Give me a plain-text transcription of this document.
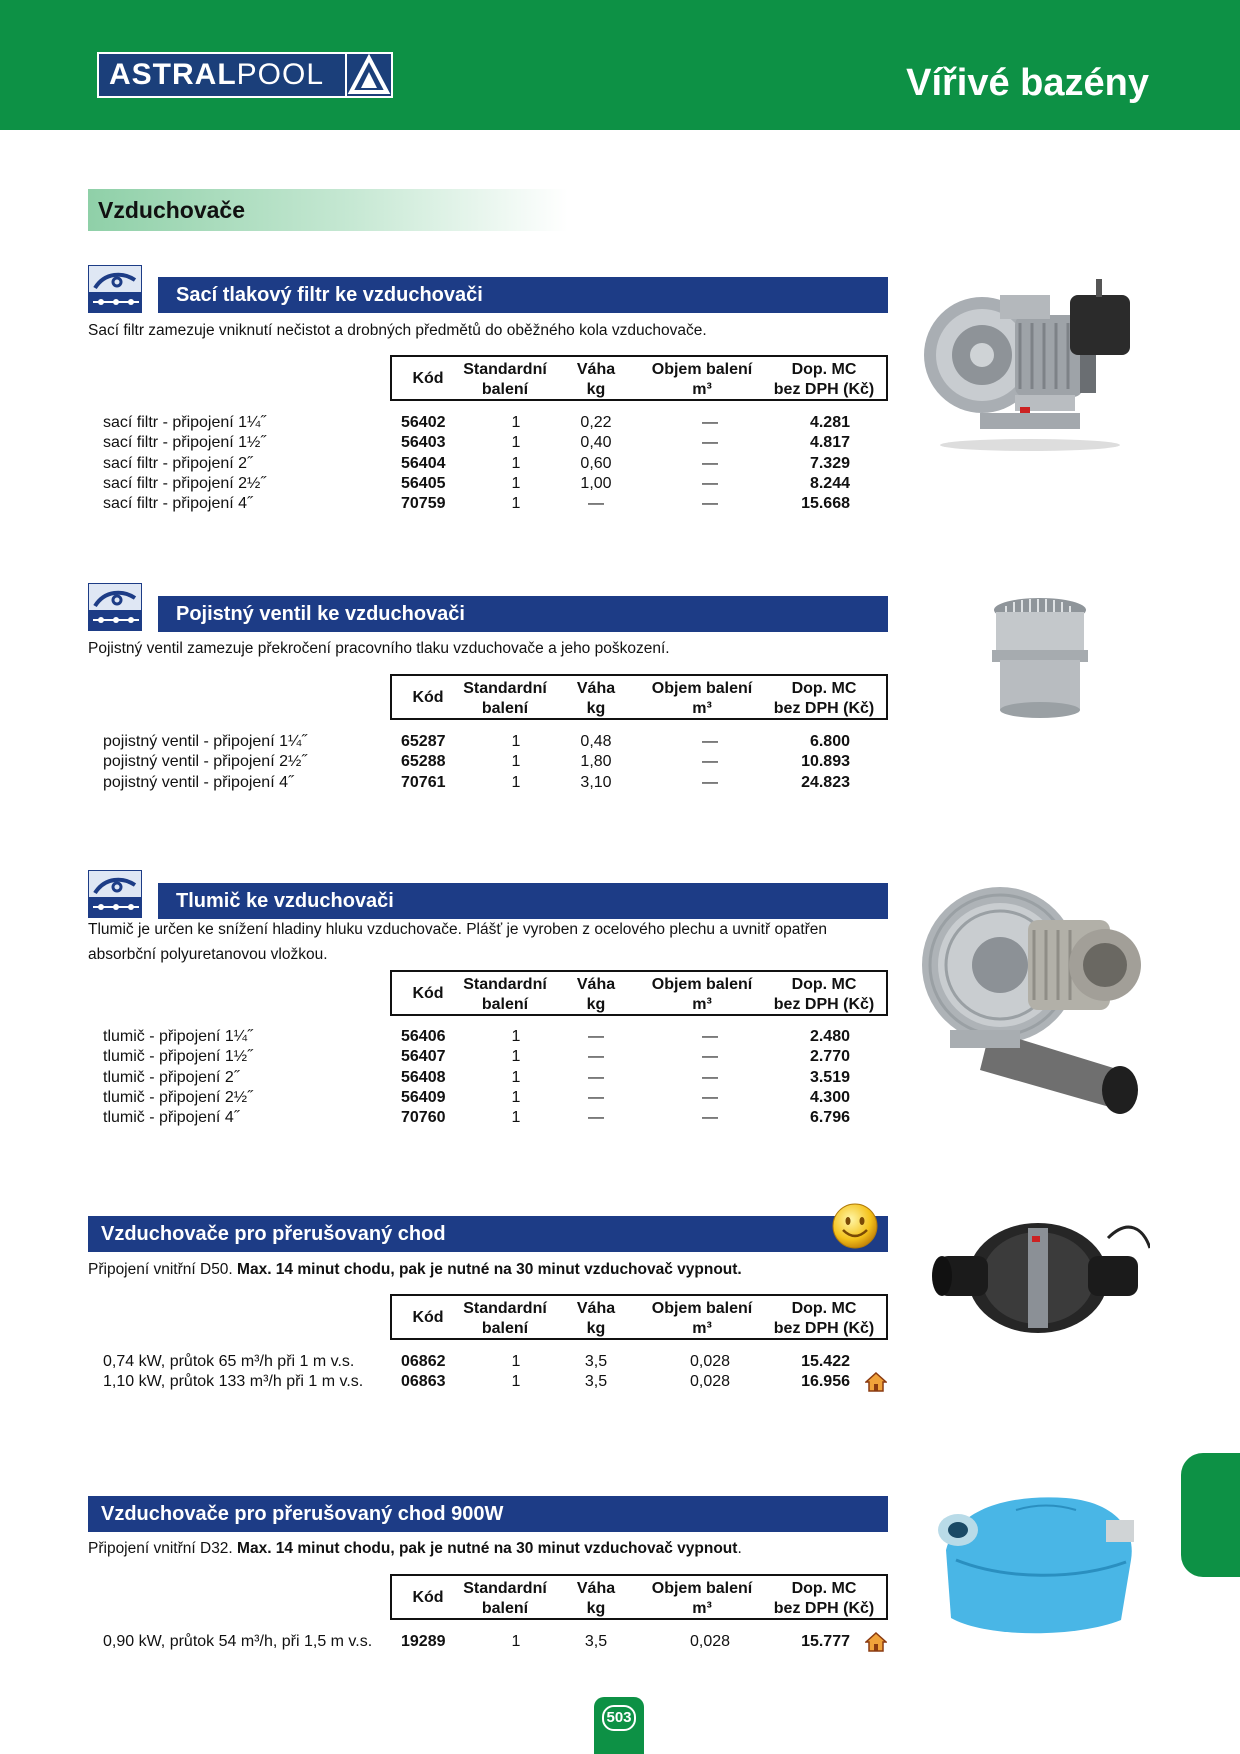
ASTRALPOOL	Vířivé bazény
Vzduchovače
Sací tlakový filtr ke vzduchovači
Sací filtr zamezuje vniknutí nečistot a drobných předmětů do oběžného kola vzduchovače.
Kód
Standardní
balení
Váha
kg
Objem balení
m³
Dop. MC
bez DPH (Kč)
sací filtr - připojení 1¼˝	56402	1	0,22	—	4.281
sací filtr - připojení 1½˝	56403	1	0,40	—	4.817
sací filtr - připojení 2˝	56404	1	0,60	—	7.329
sací filtr - připojení 2½˝	56405	1	1,00	—	8.244
sací filtr - připojení 4˝	70759	1	—	—	15.668
Pojistný ventil ke vzduchovači
Pojistný ventil zamezuje překročení pracovního tlaku vzduchovače a jeho poškození.
Kód
Standardní
balení
Váha
kg
Objem balení
m³
Dop. MC
bez DPH (Kč)
pojistný ventil - připojení 1¼˝	65287	1	0,48	—	6.800
pojistný ventil - připojení 2½˝	65288	1	1,80	—	10.893
pojistný ventil - připojení 4˝	70761	1	3,10	—	24.823
Tlumič ke vzduchovači
Tlumič je určen ke snížení hladiny hluku vzduchovače. Plášť je vyroben z ocelového plechu a uvnitř opatřen
absorbční polyuretanovou vložkou.
Kód
Standardní
balení
Váha
kg
Objem balení
m³
Dop. MC
bez DPH (Kč)
tlumič - připojení 1¼˝	56406	1	—	—	2.480
tlumič - připojení 1½˝	56407	1	—	—	2.770
tlumič - připojení 2˝	56408	1	—	—	3.519
tlumič - připojení 2½˝	56409	1	—	—	4.300
tlumič - připojení 4˝	70760	1	—	—	6.796
Vzduchovače pro přerušovaný chod
Připojení vnitřní D50. Max. 14 minut chodu, pak je nutné na 30 minut vzduchovač vypnout.
Kód
Standardní
balení
Váha
kg
Objem balení
m³
Dop. MC
bez DPH (Kč)
0,74 kW, průtok 65 m³/h při 1 m v.s.	06862	1	3,5	0,028	15.422
1,10 kW, průtok 133 m³/h při 1 m v.s. 06863	1	3,5	0,028	16.956
Vzduchovače pro přerušovaný chod 900W
Připojení vnitřní D32. Max. 14 minut chodu, pak je nutné na 30 minut vzduchovač vypnout.
Kód
Standardní
balení
Váha
kg
Objem balení
m³
Dop. MC
bez DPH (Kč)
0,90 kW, průtok 54 m³/h, při 1,5 m v.s. 19289	1	3,5	0,028	15.777
503
